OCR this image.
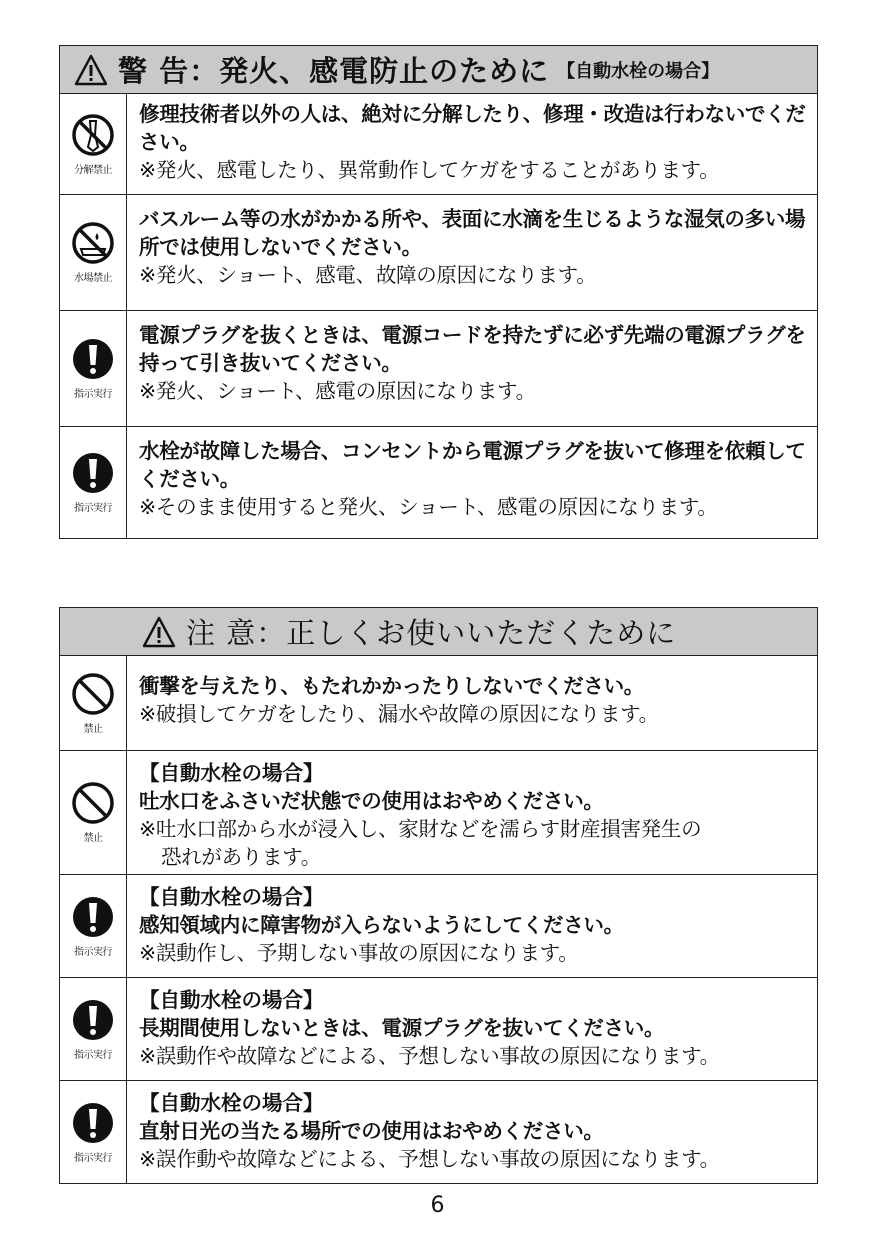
警 告：発火、感電防止のために 【自動水栓の場合】
分解禁止
修理技術者以外の人は、絶対に分解したり、修理・改造は行わないでください。
※発火、感電したり、異常動作してケガをすることがあります。
水場禁止
バスルーム等の水がかかる所や、表面に水滴を生じるような湿気の多い場所では使用しないでください。
※発火、ショート、感電、故障の原因になります。
指示実行
電源プラグを抜くときは、電源コードを持たずに必ず先端の電源プラグを持って引き抜いてください。
※発火、ショート、感電の原因になります。
指示実行
水栓が故障した場合、コンセントから電源プラグを抜いて修理を依頼してください。
※そのまま使用すると発火、ショート、感電の原因になります。
注 意：正しくお使いいただくために
禁止
衝撃を与えたり、もたれかかったりしないでください。
※破損してケガをしたり、漏水や故障の原因になります。
禁止
【自動水栓の場合】
吐水口をふさいだ状態での使用はおやめください。
※吐水口部から水が浸入し、家財などを濡らす財産損害発生の
恐れがあります。
指示実行
【自動水栓の場合】
感知領域内に障害物が入らないようにしてください。
※誤動作し、予期しない事故の原因になります。
指示実行
【自動水栓の場合】
長期間使用しないときは、電源プラグを抜いてください。
※誤動作や故障などによる、予想しない事故の原因になります。
指示実行
【自動水栓の場合】
直射日光の当たる場所での使用はおやめください。
※誤作動や故障などによる、予想しない事故の原因になります。
6
